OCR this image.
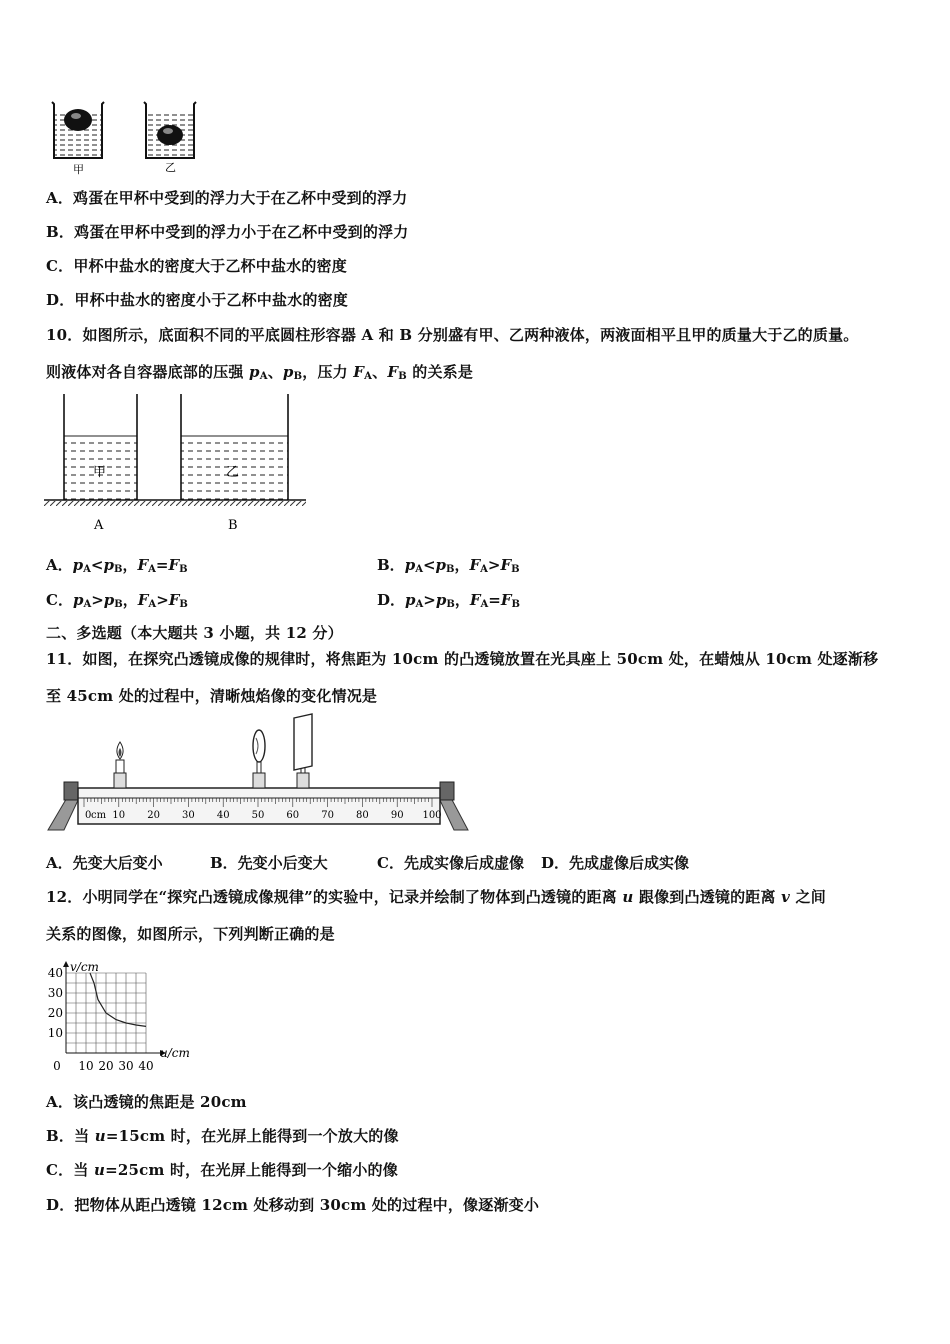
甲	乙
A．鸡蛋在甲杯中受到的浮力大于在乙杯中受到的浮力
B．鸡蛋在甲杯中受到的浮力小于在乙杯中受到的浮力
C．甲杯中盐水的密度大于乙杯中盐水的密度
D．甲杯中盐水的密度小于乙杯中盐水的密度
10．如图所示，底面积不同的平底圆柱形容器 A 和 B 分别盛有甲、乙两种液体，两液面相平且甲的质量大于乙的质量。
则液体对各自容器底部的压强 $p_A$、$p_B$，压力 $F_A$、$F_B$ 的关系是
甲	乙
A	B
A．$p_A<p_B$，$F_A=F_B$	B．$p_A<p_B$，$F_A>F_B$
C．$p_A>p_B$，$F_A>F_B$	D．$p_A>p_B$，$F_A=F_B$
二、多选题（本大题共 3 小题，共 12 分）
11．如图，在探究凸透镜成像的规律时，将焦距为 10cm 的凸透镜放置在光具座上 50cm 处，在蜡烛从 10cm 处逐渐移
至 45cm 处的过程中，清晰烛焰像的变化情况是
0 10 20 30 40 50 60 70 80 90 100
cm
A．先变大后变小	B．先变小后变大	C．先成实像后成虚像 D．先成虚像后成实像
12．小明同学在“探究凸透镜成像规律”的实验中，记录并绘制了物体到凸透镜的距离 u 跟像到凸透镜的距离 v 之间
关系的图像，如图所示，下列判断正确的是
10
20
30
40
0 10 20 30 40
u/cm
v/cm
A．该凸透镜的焦距是 20cm
B．当 u=15cm 时，在光屏上能得到一个放大的像
C．当 u=25cm 时，在光屏上能得到一个缩小的像
D．把物体从距凸透镜 12cm 处移动到 30cm 处的过程中，像逐渐变小
